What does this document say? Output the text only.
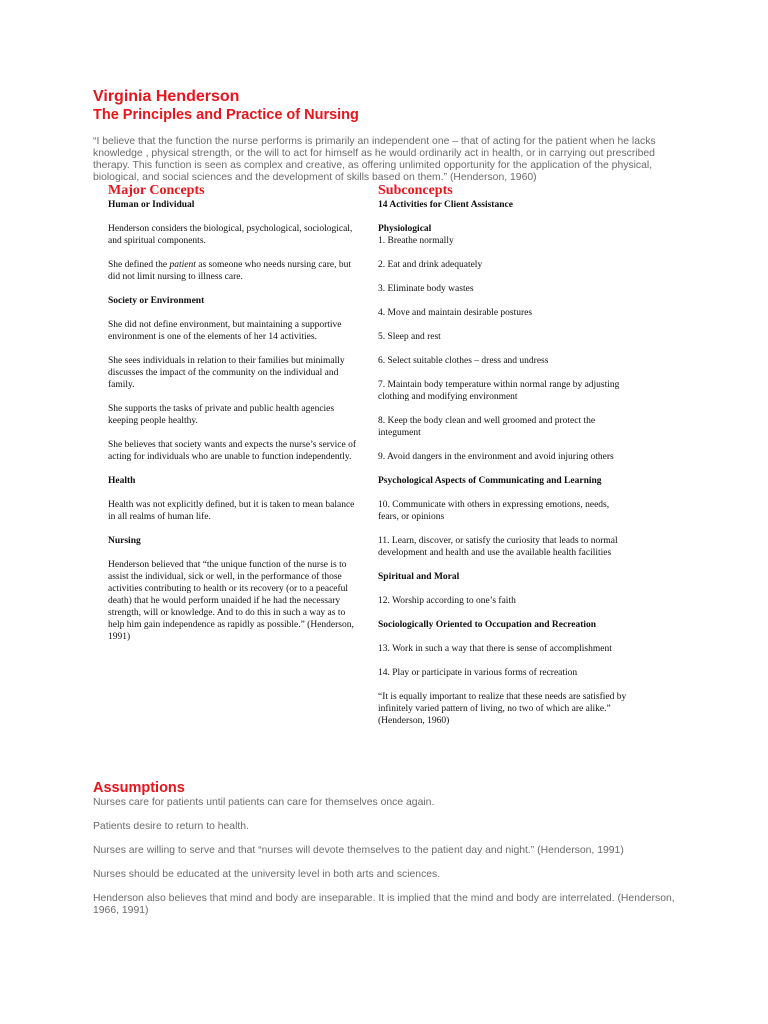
Virginia Henderson
The Principles and Practice of Nursing
“I believe that the function the nurse performs is primarily an independent one – that of acting for the patient when he lacks knowledge , physical strength, or the will to act for himself as he would ordinarily act in health, or in carrying out prescribed therapy. This function is seen as complex and creative, as offering unlimited opportunity for the application of the physical, biological, and social sciences and the development of skills based on them.” (Henderson, 1960)
Major Concepts

Human or Individual

Henderson considers the biological, psychological, sociological, and spiritual components.

She defined the patient as someone who needs nursing care, but did not limit nursing to illness care.

Society or Environment

She did not define environment, but maintaining a supportive environment is one of the elements of her 14 activities.

She sees individuals in relation to their families but minimally discusses the impact of the community on the individual and family.

She supports the tasks of private and public health agencies keeping people healthy.

She believes that society wants and expects the nurse’s service of acting for individuals who are unable to function independently.

Health

Health was not explicitly defined, but it is taken to mean balance in all realms of human life.

Nursing

Henderson believed that “the unique function of the nurse is to assist the individual, sick or well, in the performance of those activities contributing to health or its recovery (or to a peaceful death) that he would perform unaided if he had the necessary strength, will or knowledge. And to do this in such a way as to help him gain independence as rapidly as possible.” (Henderson, 1991)

Subconcepts

14 Activities for Client Assistance

Physiological

1. Breathe normally

2. Eat and drink adequately

3. Eliminate body wastes

4. Move and maintain desirable postures

5. Sleep and rest

6. Select suitable clothes – dress and undress

7. Maintain body temperature within normal range by adjusting clothing and modifying environment

8. Keep the body clean and well groomed and protect the integument

9. Avoid dangers in the environment and avoid injuring others

Psychological Aspects of Communicating and Learning

10. Communicate with others in expressing emotions, needs, fears, or opinions

11. Learn, discover, or satisfy the curiosity that leads to normal development and health and use the available health facilities

Spiritual and Moral

12. Worship according to one’s faith

Sociologically Oriented to Occupation and Recreation

13. Work in such a way that there is sense of accomplishment

14. Play or participate in various forms of recreation

“It is equally important to realize that these needs are satisfied by infinitely varied pattern of living, no two of which are alike.” (Henderson, 1960)

Assumptions

Nurses care for patients until patients can care for themselves once again.

Patients desire to return to health.

Nurses are willing to serve and that “nurses will devote themselves to the patient day and night.” (Henderson, 1991)

Nurses should be educated at the university level in both arts and sciences.

Henderson also believes that mind and body are inseparable. It is implied that the mind and body are interrelated. (Henderson, 1966, 1991)
